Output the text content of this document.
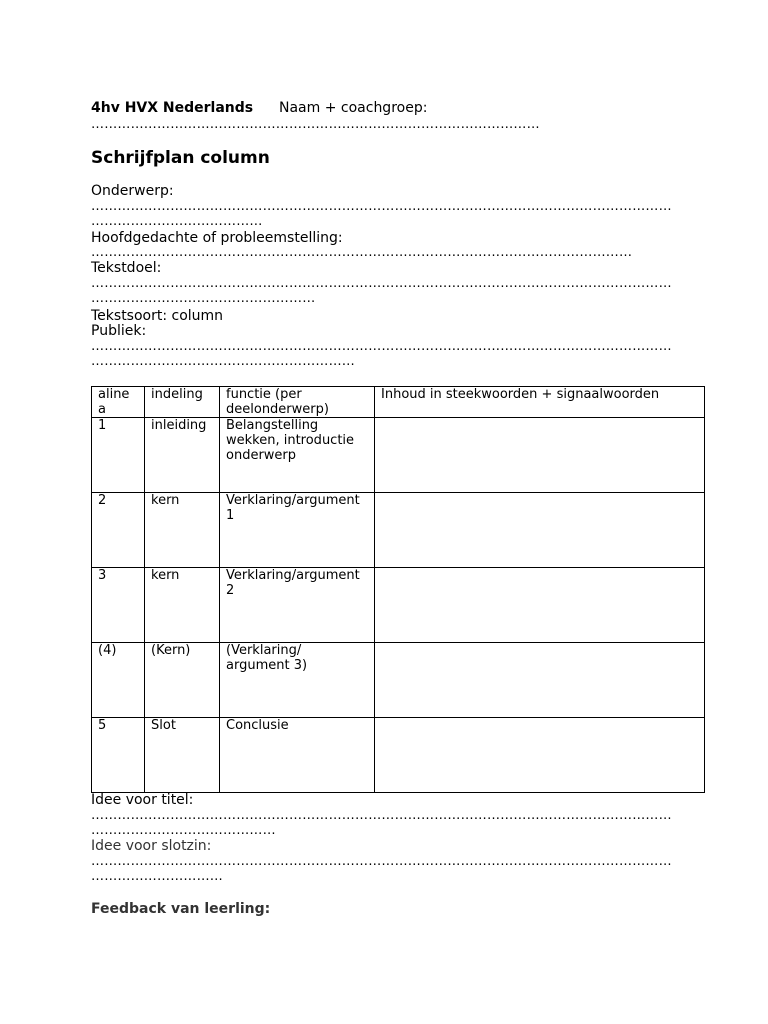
4hv HVX Nederlands Naam + coachgroep:
…………………………………………………………………………………………
Schrijfplan column
Onderwerp:
……………………………………………………………………………………………………………………
…………………………………
Hoofdgedachte of probleemstelling:
……………………………………………………………………………………………………………
Tekstdoel:
……………………………………………………………………………………………………………………
……………………………………………
Tekstsoort: column
Publiek:
……………………………………………………………………………………………………………………
……………………………………………………
aline a	indeling	functie (per deelonderwerp)	Inhoud in steekwoorden + signaalwoorden
1	inleiding	Belangstelling wekken, introductie onderwerp	
2	kern	Verklaring/argument 1	
3	kern	Verklaring/argument 2	
(4)	(Kern)	(Verklaring/ argument 3)	
5	Slot	Conclusie	
Idee voor titel:
……………………………………………………………………………………………………………………
……………………………………
Idee voor slotzin:
……………………………………………………………………………………………………………………
…………………………
Feedback van leerling:
